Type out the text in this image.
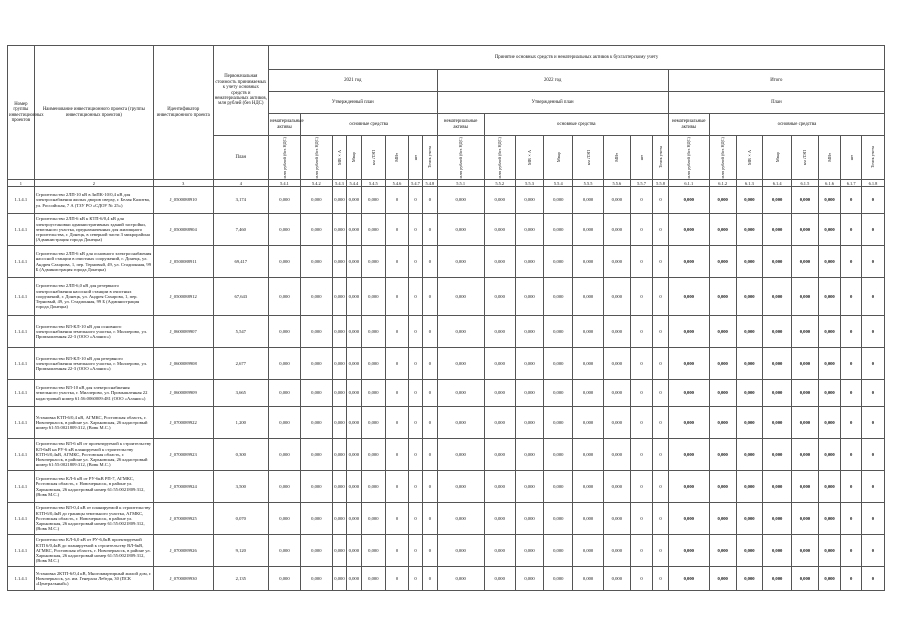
Номер группы инвестиционных проектов	Наименование инвестиционного проекта (группы инвестиционных проектов)	Идентификатор инвестиционного проекта	Первоначальная стоимость принимаемых к учету основных средств и нематериальных активов, млн рублей (без НДС)	Принятие основных средств и нематериальных активов к бухгалтерскому учету																							
				2021 год								2022 год								Итого							
				Утвержденный план								Утвержденный план								План							
				нематериальные активы	основные средства							нематериальные активы	основные средства							нематериальные активы	основные средства						
			План	млн рублей (без НДС)	млн рублей (без НДС)	МВ×А	Мвар	км ЛЭП	МВт	шт	Точек учета	млн рублей (без НДС)	млн рублей (без НДС)	МВ×А	Мвар	км ЛЭП	МВт	шт	Точек учета	млн рублей (без НДС)	млн рублей (без НДС)	МВ×А	Мвар	км ЛЭП	МВт	шт	Точек учета

1	2	3	4	5.4.1	5.4.2	5.4.3	5.4.4	5.4.5	5.4.6	5.4.7	5.4.8	5.5.1	5.5.2	5.5.3	5.5.4	5.5.5	5.5.6	5.5.7	5.5.8	6.1.1	6.1.2	6.1.3	6.1.4	6.1.5	6.1.6	6.1.7	6.1.8
1.1.4.1	Строительство 2ЛП-10 кВ в ЗиПК-10/0,4 кВ для электроснабжения жилых дворов сверху, г. Белая Калитва, ул. Российская, 7 А (ТЗУ РО «СДОУ № 25»)	J_0500088910	3,174	0,000	0,000	0,000	0,000	0,000	0	0	0	0,000	0,000	0,000	0,000	0,000	0,000	0	0	0,000	0,000	0,000	0,000	0,000	0,000	0	0
1.1.4.1	Строительство 2ЛП-6 кВ к КТП-6/0,4 кВ для электроустановки административных зданий застройки, земельного участка, предназначенных для жилищного строительства, г. Донецк, в северной части 3 микрорайона (Администрация города Донецка)	J_0500088904	7,460	0,000	0,000	0,000	0,000	0,000	0	0	0	0,000	0,000	0,000	0,000	0,000	0,000	0	0	0,000	0,000	0,000	0,000	0,000	0,000	0	0
1.1.4.1	Строительство 2ЛП-6 кВ для основного электроснабжения насосной станции в очистных сооружений, г. Донецк, ул. Андрея Сахарова, 1, пер. Терновый, 49, ул. Стадионная, 99 Б (Администрация города Донецка)	J_0500088911	69,417	0,000	0,000	0,000	0,000	0,000	0	0	0	0,000	0,000	0,000	0,000	0,000	0,000	0	0	0,000	0,000	0,000	0,000	0,000	0,000	0	0
1.1.4.1	Строительство 2ЛП-6,0 кВ для резервного электроснабжения насосной станции в очистных сооружений, г. Донецк, ул. Андрея Сахарова, 1, пер. Терновый, 49, ул. Стадионная, 99 Б (Администрация города Донецка)	J_0500088912	67,643	0,000	0,000	0,000	0,000	0,000	0	0	0	0,000	0,000	0,000	0,000	0,000	0,000	0	0	0,000	0,000	0,000	0,000	0,000	0,000	0	0
1.1.4.1	Строительство ВЛ-КЛ-10 кВ для основного электроснабжения земельного участка, г. Миллерово, ул. Промышленная 22-3 (ООО «Аланис»)	J_0600089907	5,547	0,000	0,000	0,000	0,000	0,000	0	0	0	0,000	0,000	0,000	0,000	0,000	0,000	0	0	0,000	0,000	0,000	0,000	0,000	0,000	0	0
1.1.4.1	Строительство ВЛ-КЛ-10 кВ для резервного электроснабжения земельного участка, г. Миллерово, ул. Промышленная 22-3 (ООО «Аланис»)	J_0600089908	2,677	0,000	0,000	0,000	0,000	0,000	0	0	0	0,000	0,000	0,000	0,000	0,000	0,000	0	0	0,000	0,000	0,000	0,000	0,000	0,000	0	0
1.1.4.1	Строительство ВЛ-10 кВ для электроснабжения земельного участка, г. Миллерово, ул. Промышленная 22 кадастровый номер 61:56:0060009:481 (ООО «Аланис»)	J_0600089909	3,665	0,000	0,000	0,000	0,000	0,000	0	0	0	0,000	0,000	0,000	0,000	0,000	0,000	0	0	0,000	0,000	0,000	0,000	0,000	0,000	0	0
1.1.4.1	Установка КТП-6/0,4 кВ, АГМКС, Ростовская область, г. Новочеркасск, в районе ул. Харьковская, 26 кадастровый номер 61:55:0021809:312, (Вовк М.С.)	J_0700089922	1,200	0,000	0,000	0,000	0,000	0,000	0	0	0	0,000	0,000	0,000	0,000	0,000	0,000	0	0	0,000	0,000	0,000	0,000	0,000	0,000	0	0
1.1.4.1	Строительство ВЛ-6 кВ от проектируемой к строительству КЛ-6кВ на РУ-6 кВ планируемой к строительству КТП-6/0,4кВ, АГМКС, Ростовская область, г. Новочеркасск, в районе ул. Харьковская, 26 кадастровый номер 61:55:0021809:312, (Вовк М.С.)	J_0700089923	0,300	0,000	0,000	0,000	0,000	0,000	0	0	0	0,000	0,000	0,000	0,000	0,000	0,000	0	0	0,000	0,000	0,000	0,000	0,000	0,000	0	0
1.1.4.1	Строительство КЛ-6 кВ от РУ-6кВ РП-7, АГМКС, Ростовская область, г. Новочеркасск, в районе ул. Харьковская, 26 кадастровый номер 61:55:0021809:312, (Вовк М.С.)	J_0700089924	3,500	0,000	0,000	0,000	0,000	0,000	0	0	0	0,000	0,000	0,000	0,000	0,000	0,000	0	0	0,000	0,000	0,000	0,000	0,000	0,000	0	0
1.1.4.1	Строительство ВЛ-0,4 кВ от планируемой к строительству КТП-6/0,4кВ до границы земельного участка, АГМКС, Ростовская область, г. Новочеркасск, в районе ул. Харьковская, 26 кадастровый номер 61:55:0021809:312, (Вовк М.С.)	J_0700089925	0,070	0,000	0,000	0,000	0,000	0,000	0	0	0	0,000	0,000	0,000	0,000	0,000	0,000	0	0	0,000	0,000	0,000	0,000	0,000	0,000	0	0
1.1.4.1	Строительство КЛ-6,0 кВ от РУ-6,0кВ проектируемой КТП 6/0,4кВ до планируемой к строительству ВЛ-6кВ, АГМКС, Ростовская область, г. Новочеркасск, в районе ул. Харьковская, 26 кадастровый номер 61:55:0021809:312, (Вовк М.С.)	J_0700089926	9,120	0,000	0,000	0,000	0,000	0,000	0	0	0	0,000	0,000	0,000	0,000	0,000	0,000	0	0	0,000	0,000	0,000	0,000	0,000	0,000	0	0
1.1.4.1	Установка 2КТП-6/0,4 кВ, Многоквартирный жилой дом, г. Новочеркасск, ул. им. Генерала Лебедя, 30 (ПСК «Центральный»)	J_0700089930	2,135	0,000	0,000	0,000	0,000	0,000	0	0	0	0,000	0,000	0,000	0,000	0,000	0,000	0	0	0,000	0,000	0,000	0,000	0,000	0,000	0	0
